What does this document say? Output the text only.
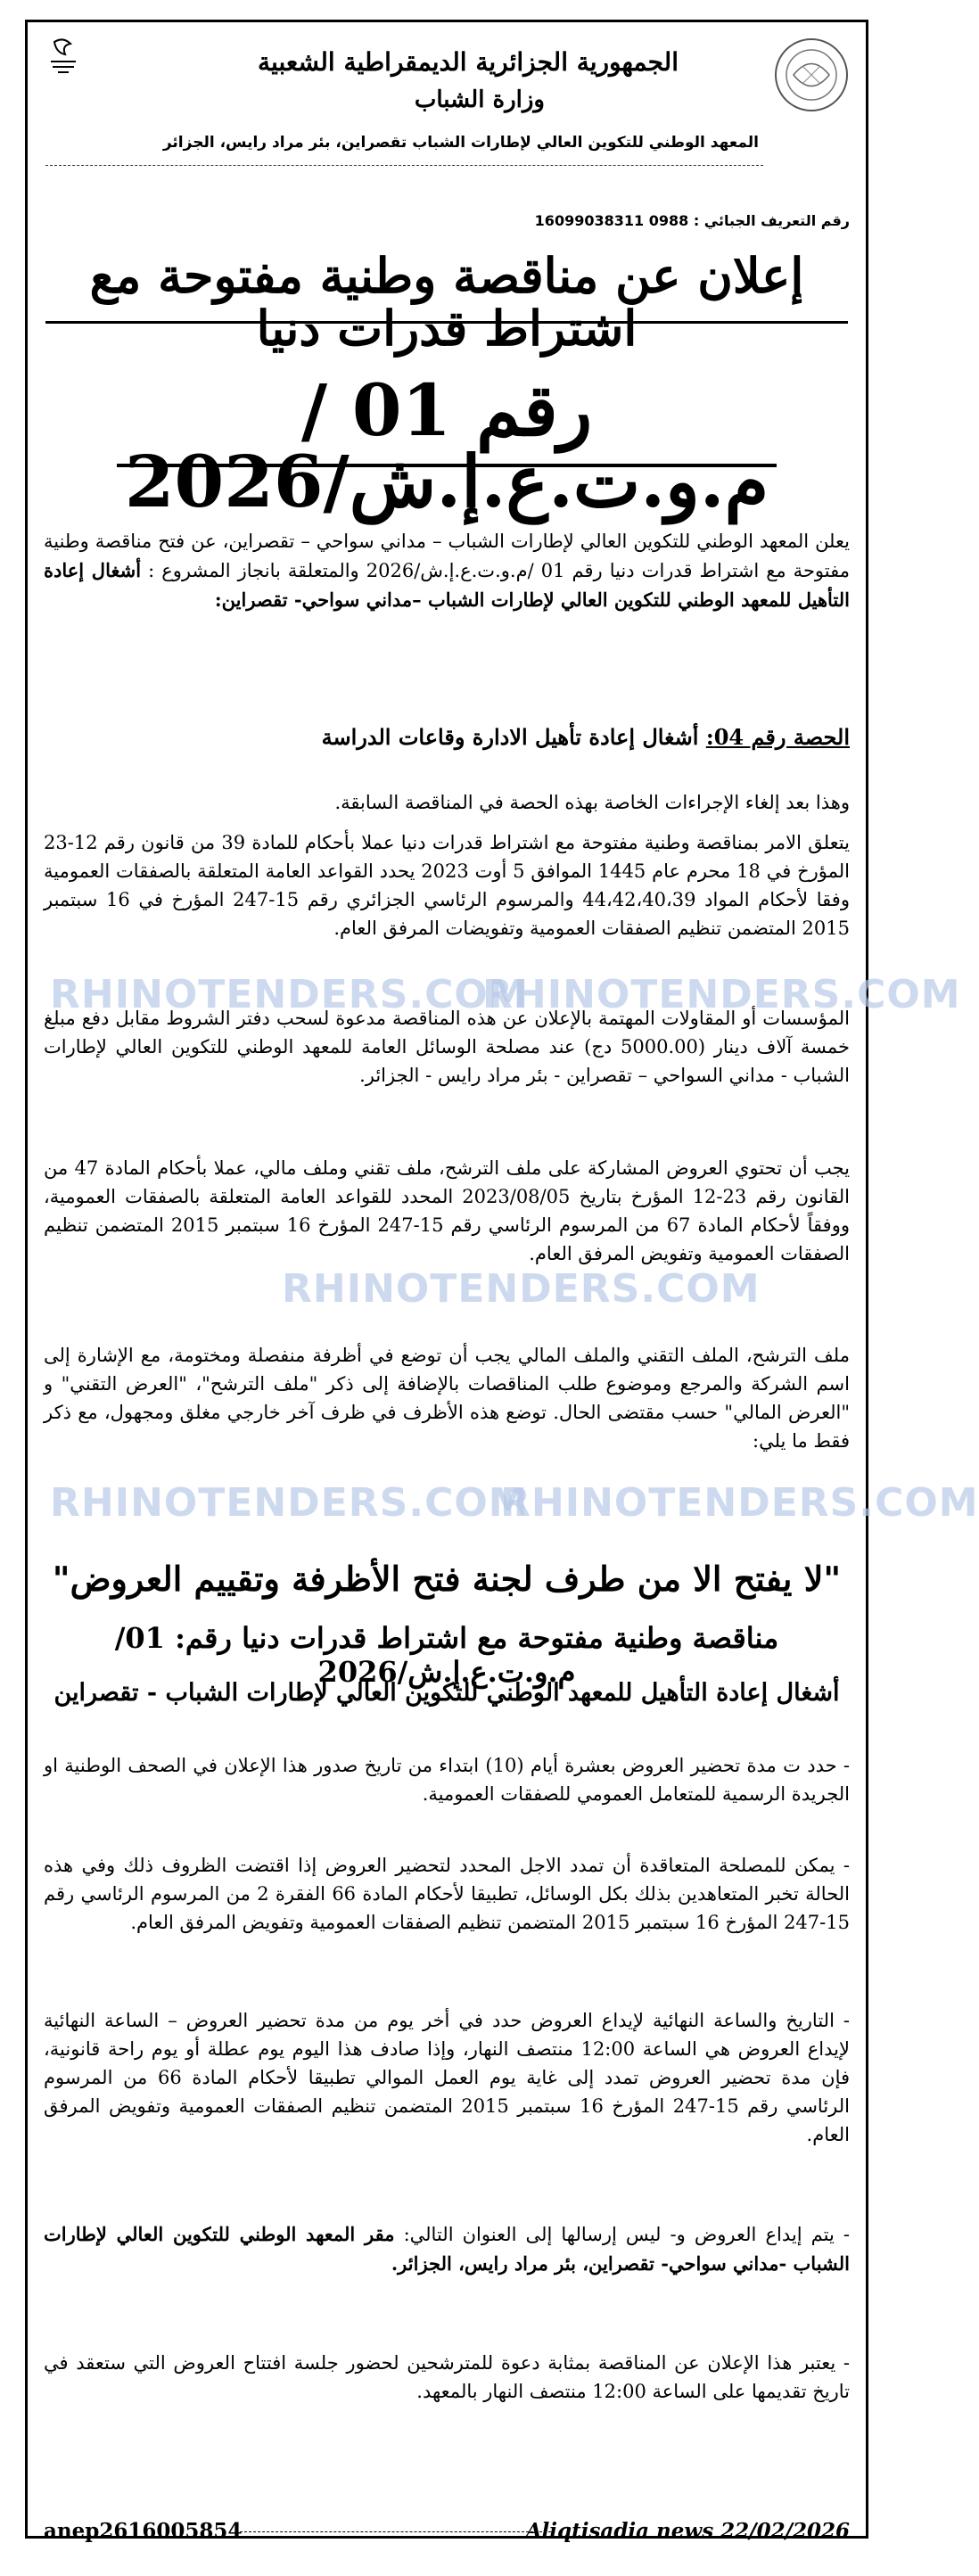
الجمهورية الجزائرية الديمقراطية الشعبية
وزارة الشباب
المعهد الوطني للتكوين العالي لإطارات الشباب تقصراين، بئر مراد رايس، الجزائر
رقم التعريف الجبائي : 0988 16099038311
إعلان عن مناقصة وطنية مفتوحة مع اشتراط قدرات دنيا
رقم 01 /م.و.ت.ع.إ.ش/2026
يعلن المعهد الوطني للتكوين العالي لإطارات الشباب – مداني سواحي – تقصراين، عن فتح مناقصة وطنية مفتوحة مع اشتراط قدرات دنيا رقم 01 /م.و.ت.ع.إ.ش/2026 والمتعلقة بانجاز المشروع : أشغال إعادة التأهيل للمعهد الوطني للتكوين العالي لإطارات الشباب –مداني سواحي- تقصراين:
الحصة رقم 04: أشغال إعادة تأهيل الادارة وقاعات الدراسة
وهذا بعد إلغاء الإجراءات الخاصة بهذه الحصة في المناقصة السابقة.
يتعلق الامر بمناقصة وطنية مفتوحة مع اشتراط قدرات دنيا عملا بأحكام للمادة 39 من قانون رقم 12-23 المؤرخ في 18 محرم عام 1445 الموافق 5 أوت 2023 يحدد القواعد العامة المتعلقة بالصفقات العمومية وفقا لأحكام المواد 44،42،40،39 والمرسوم الرئاسي الجزائري رقم 15-247 المؤرخ في 16 سبتمبر 2015 المتضمن تنظيم الصفقات العمومية وتفويضات المرفق العام.
المؤسسات أو المقاولات المهتمة بالإعلان عن هذه المناقصة مدعوة لسحب دفتر الشروط مقابل دفع مبلغ خمسة آلاف دينار (5000.00 دج) عند مصلحة الوسائل العامة للمعهد الوطني للتكوين العالي لإطارات الشباب - مداني السواحي – تقصراين - بئر مراد رايس - الجزائر.
يجب أن تحتوي العروض المشاركة على ملف الترشح، ملف تقني وملف مالي، عملا بأحكام المادة 47 من القانون رقم 23-12 المؤرخ بتاريخ 2023/08/05 المحدد للقواعد العامة المتعلقة بالصفقات العمومية، ووفقاً لأحكام المادة 67 من المرسوم الرئاسي رقم 15-247 المؤرخ 16 سبتمبر 2015 المتضمن تنظيم الصفقات العمومية وتفويض المرفق العام.
ملف الترشح، الملف التقني والملف المالي يجب أن توضع في أظرفة منفصلة ومختومة، مع الإشارة إلى اسم الشركة والمرجع وموضوع طلب المناقصات بالإضافة إلى ذكر "ملف الترشح"، "العرض التقني" و "العرض المالي" حسب مقتضى الحال. توضع هذه الأظرف في ظرف آخر خارجي مغلق ومجهول، مع ذكر فقط ما يلي:
"لا يفتح الا من طرف لجنة فتح الأظرفة وتقييم العروض"
مناقصة وطنية مفتوحة مع اشتراط قدرات دنيا رقم: 01/ م.و.ت.ع.إ.ش/2026
أشغال إعادة التأهيل للمعهد الوطني للتكوين العالي لإطارات الشباب - تقصراين
- حدد ت مدة تحضير العروض بعشرة أيام (10) ابتداء من تاريخ صدور هذا الإعلان في الصحف الوطنية او الجريدة الرسمية للمتعامل العمومي للصفقات العمومية.
- يمكن للمصلحة المتعاقدة أن تمدد الاجل المحدد لتحضير العروض إذا اقتضت الظروف ذلك وفي هذه الحالة تخبر المتعاهدين بذلك بكل الوسائل، تطبيقا لأحكام المادة 66 الفقرة 2 من المرسوم الرئاسي رقم 15-247 المؤرخ 16 سبتمبر 2015 المتضمن تنظيم الصفقات العمومية وتفويض المرفق العام.
- التاريخ والساعة النهائية لإيداع العروض حدد في أخر يوم من مدة تحضير العروض – الساعة النهائية لإيداع العروض هي الساعة 12:00 منتصف النهار، وإذا صادف هذا اليوم يوم عطلة أو يوم راحة قانونية، فإن مدة تحضير العروض تمدد إلى غاية يوم العمل الموالي تطبيقا لأحكام المادة 66 من المرسوم الرئاسي رقم 15-247 المؤرخ 16 سبتمبر 2015 المتضمن تنظيم الصفقات العمومية وتفويض المرفق العام.
- يتم إيداع العروض و- ليس إرسالها إلى العنوان التالي: مقر المعهد الوطني للتكوين العالي لإطارات الشباب -مداني سواحي- تقصراين، بئر مراد رايس، الجزائر.
- يعتبر هذا الإعلان عن المناقصة بمثابة دعوة للمترشحين لحضور جلسة افتتاح العروض التي ستعقد في تاريخ تقديمها على الساعة 12:00 منتصف النهار بالمعهد.
RHINOTENDERS.COM
RHINOTENDERS.COM
RHINOTENDERS.COM
RHINOTENDERS.COM
RHINOTENDERS.COM
anep2616005854	Aliqtisadia news 22/02/2026
